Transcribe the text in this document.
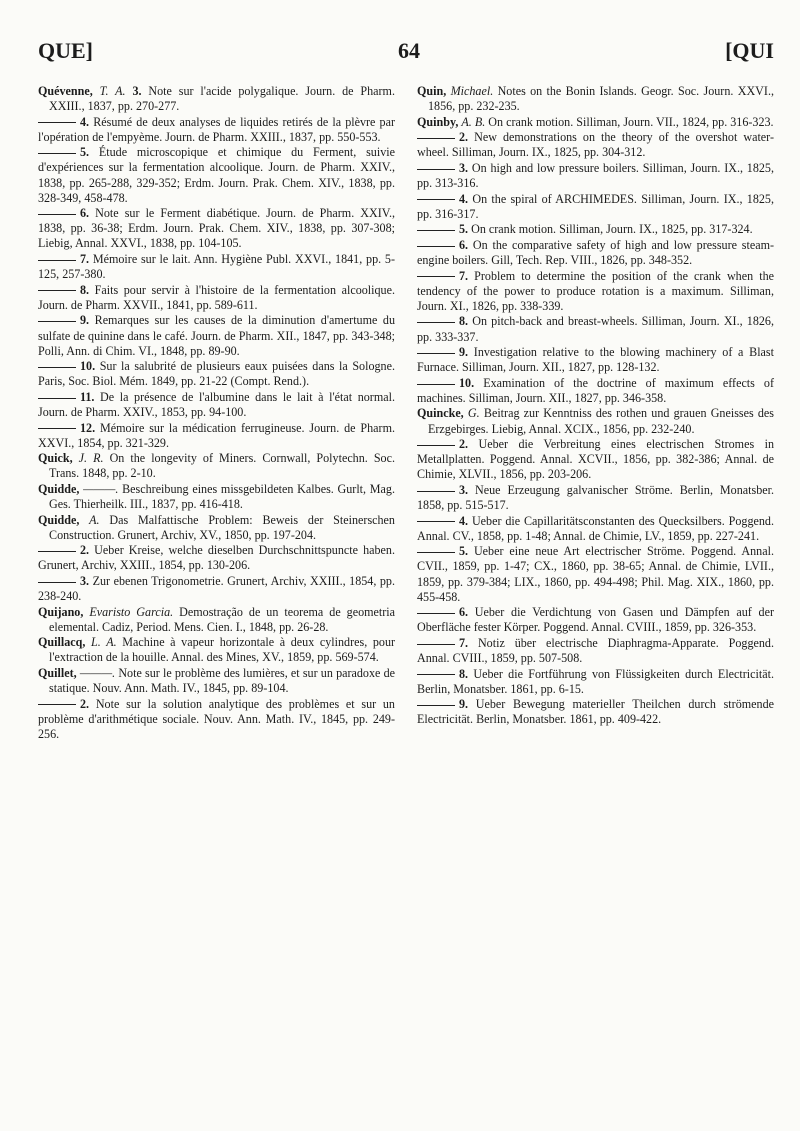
QUE]	64	[QUI

Quévenne, T. A. 3. Note sur l'acide polygalique. Journ. de Pharm. XXIII., 1837, pp. 270-277.

4. Résumé de deux analyses de liquides retirés de la plèvre par l'opération de l'empyème. Journ. de Pharm. XXIII., 1837, pp. 550-553.

5. Étude microscopique et chimique du Ferment, suivie d'expériences sur la fermentation alcoolique. Journ. de Pharm. XXIV., 1838, pp. 265-288, 329-352; Erdm. Journ. Prak. Chem. XIV., 1838, pp. 328-349, 458-478.

6. Note sur le Ferment diabétique. Journ. de Pharm. XXIV., 1838, pp. 36-38; Erdm. Journ. Prak. Chem. XIV., 1838, pp. 307-308; Liebig, Annal. XXVI., 1838, pp. 104-105.

7. Mémoire sur le lait. Ann. Hygiène Publ. XXVI., 1841, pp. 5-125, 257-380.

8. Faits pour servir à l'histoire de la fermentation alcoolique. Journ. de Pharm. XXVII., 1841, pp. 589-611.

9. Remarques sur les causes de la diminution d'amertume du sulfate de quinine dans le café. Journ. de Pharm. XII., 1847, pp. 343-348; Polli, Ann. di Chim. VI., 1848, pp. 89-90.

10. Sur la salubrité de plusieurs eaux puisées dans la Sologne. Paris, Soc. Biol. Mém. 1849, pp. 21-22 (Compt. Rend.).

11. De la présence de l'albumine dans le lait à l'état normal. Journ. de Pharm. XXIV., 1853, pp. 94-100.

12. Mémoire sur la médication ferrugineuse. Journ. de Pharm. XXVI., 1854, pp. 321-329.

Quick, J. R. On the longevity of Miners. Cornwall, Polytechn. Soc. Trans. 1848, pp. 2-10.

Quidde, ———. Beschreibung eines missgebildeten Kalbes. Gurlt, Mag. Ges. Thierheilk. III., 1837, pp. 416-418.

Quidde, A. Das Malfattische Problem: Beweis der Steinerschen Construction. Grunert, Archiv, XV., 1850, pp. 197-204.

2. Ueber Kreise, welche dieselben Durchschnittspuncte haben. Grunert, Archiv, XXIII., 1854, pp. 130-206.

3. Zur ebenen Trigonometrie. Grunert, Archiv, XXIII., 1854, pp. 238-240.

Quijano, Evaristo Garcia. Demostração de un teorema de geometria elemental. Cadiz, Period. Mens. Cien. I., 1848, pp. 26-28.

Quillacq, L. A. Machine à vapeur horizontale à deux cylindres, pour l'extraction de la houille. Annal. des Mines, XV., 1859, pp. 569-574.

Quillet, ———. Note sur le problème des lumières, et sur un paradoxe de statique. Nouv. Ann. Math. IV., 1845, pp. 89-104.

2. Note sur la solution analytique des problèmes et sur un problème d'arithmétique sociale. Nouv. Ann. Math. IV., 1845, pp. 249-256.

Quin, Michael. Notes on the Bonin Islands. Geogr. Soc. Journ. XXVI., 1856, pp. 232-235.

Quinby, A. B. On crank motion. Silliman, Journ. VII., 1824, pp. 316-323.

2. New demonstrations on the theory of the overshot water-wheel. Silliman, Journ. IX., 1825, pp. 304-312.

3. On high and low pressure boilers. Silliman, Journ. IX., 1825, pp. 313-316.

4. On the spiral of ARCHIMEDES. Silliman, Journ. IX., 1825, pp. 316-317.

5. On crank motion. Silliman, Journ. IX., 1825, pp. 317-324.

6. On the comparative safety of high and low pressure steam-engine boilers. Gill, Tech. Rep. VIII., 1826, pp. 348-352.

7. Problem to determine the position of the crank when the tendency of the power to produce rotation is a maximum. Silliman, Journ. XI., 1826, pp. 338-339.

8. On pitch-back and breast-wheels. Silliman, Journ. XI., 1826, pp. 333-337.

9. Investigation relative to the blowing machinery of a Blast Furnace. Silliman, Journ. XII., 1827, pp. 128-132.

10. Examination of the doctrine of maximum effects of machines. Silliman, Journ. XII., 1827, pp. 346-358.

Quincke, G. Beitrag zur Kenntniss des rothen und grauen Gneisses des Erzgebirges. Liebig, Annal. XCIX., 1856, pp. 232-240.

2. Ueber die Verbreitung eines electrischen Stromes in Metallplatten. Poggend. Annal. XCVII., 1856, pp. 382-386; Annal. de Chimie, XLVII., 1856, pp. 203-206.

3. Neue Erzeugung galvanischer Ströme. Berlin, Monatsber. 1858, pp. 515-517.

4. Ueber die Capillaritätsconstanten des Quecksilbers. Poggend. Annal. CV., 1858, pp. 1-48; Annal. de Chimie, LV., 1859, pp. 227-241.

5. Ueber eine neue Art electrischer Ströme. Poggend. Annal. CVII., 1859, pp. 1-47; CX., 1860, pp. 38-65; Annal. de Chimie, LVII., 1859, pp. 379-384; LIX., 1860, pp. 494-498; Phil. Mag. XIX., 1860, pp. 455-458.

6. Ueber die Verdichtung von Gasen und Dämpfen auf der Oberfläche fester Körper. Poggend. Annal. CVIII., 1859, pp. 326-353.

7. Notiz über electrische Diaphragma-Apparate. Poggend. Annal. CVIII., 1859, pp. 507-508.

8. Ueber die Fortführung von Flüssigkeiten durch Electricität. Berlin, Monatsber. 1861, pp. 6-15.

9. Ueber Bewegung materieller Theilchen durch strömende Electricität. Berlin, Monatsber. 1861, pp. 409-422.
